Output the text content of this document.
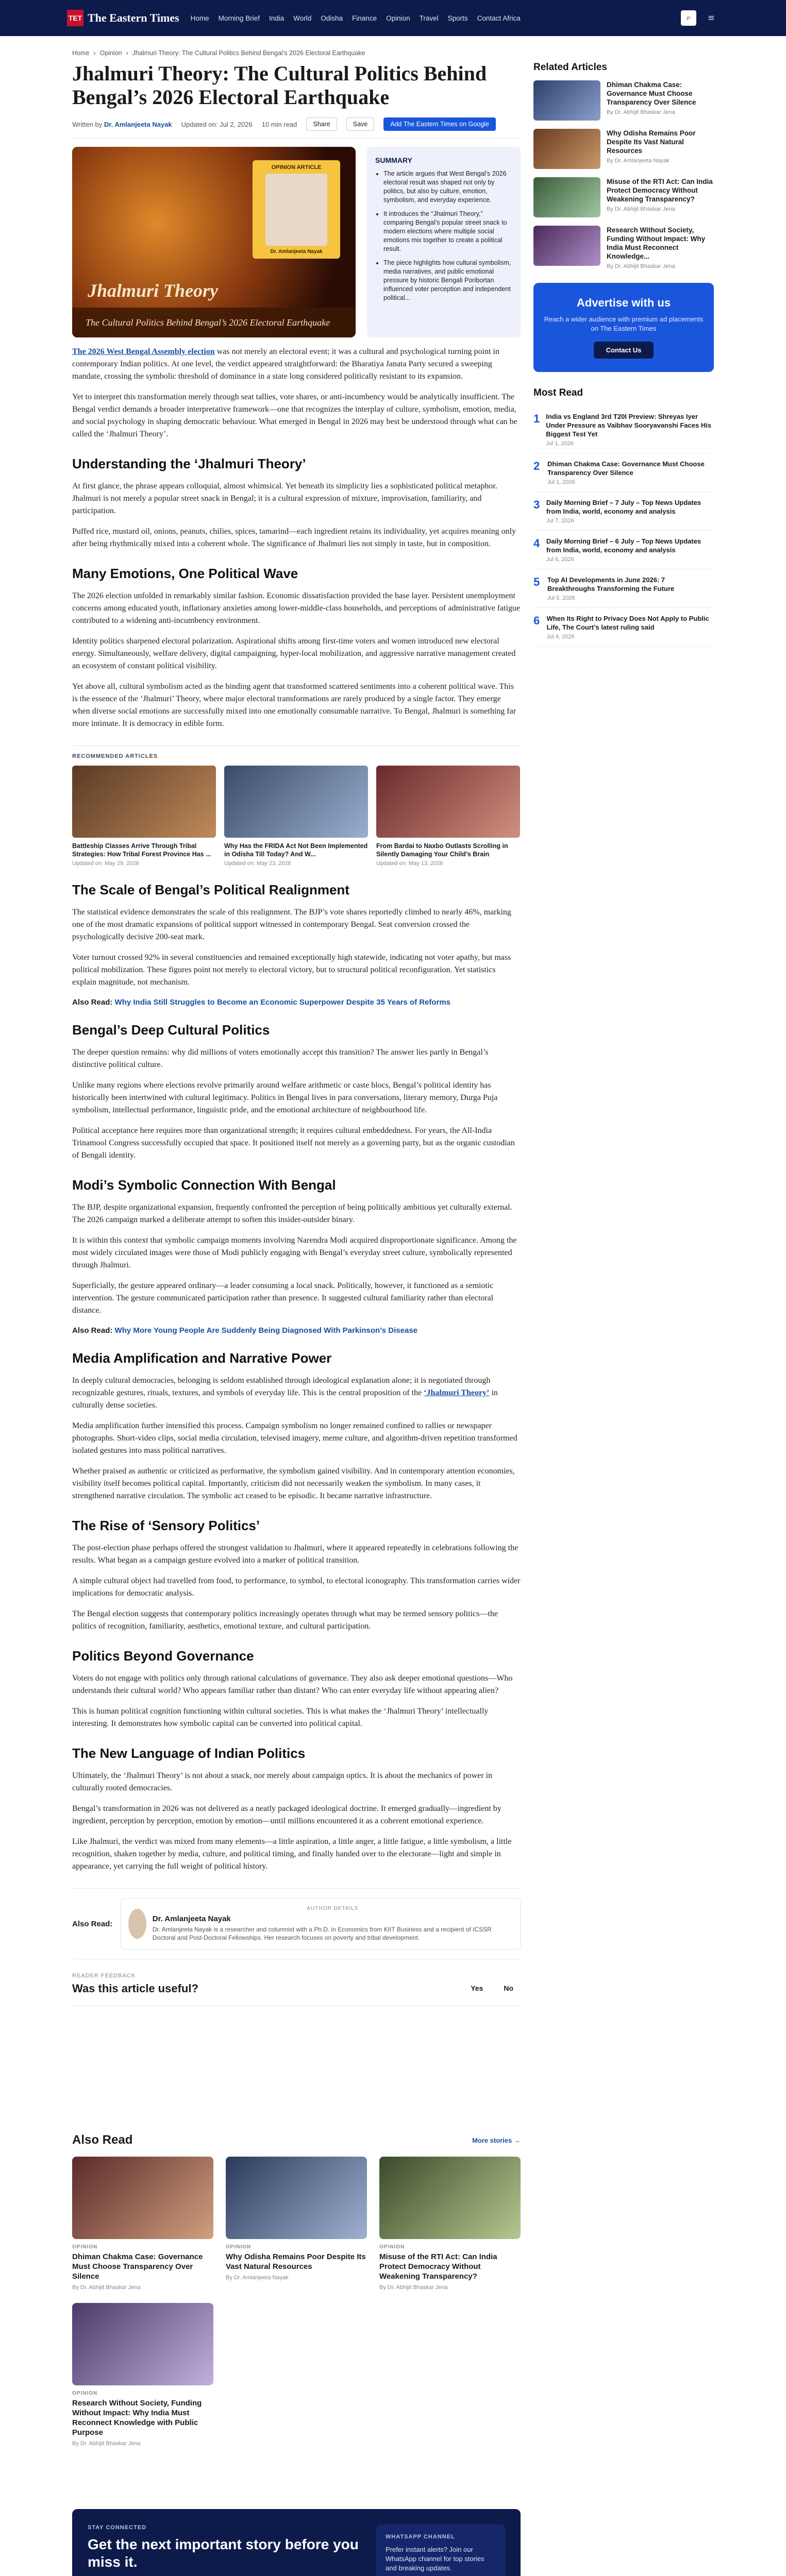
TET The Eastern Times Home Morning Brief India World Odisha Finance Opinion Travel Sports Contact Africa	⌕	≡
Home › Opinion › Jhalmuri Theory: The Cultural Politics Behind Bengal’s 2026 Electoral Earthquake
Jhalmuri Theory: The Cultural Politics Behind Bengal’s 2026 Electoral Earthquake
Written by Dr. Amlanjeeta Nayak Updated on: Jul 2, 2026 10 min read	Share	Save	Add The Eastern Times on Google
OPINION ARTICLE
Dr. Amlanjeeta Nayak
Jhalmuri Theory
The Cultural Politics Behind Bengal’s 2026 Electoral Earthquake
SUMMARY
• The article argues that West Bengal’s 2026 electoral result was shaped not only by politics, but also by culture, emotion, symbolism, and everyday experience.
• It introduces the “Jhalmuri Theory,” comparing Bengal’s popular street snack to modern elections where multiple social emotions mix together to create a political result.
• The piece highlights how cultural symbolism, media narratives, and public emotional pressure by historic Bengali Poribortan influenced voter perception and independent political...

The 2026 West Bengal Assembly election was not merely an electoral event; it was a cultural and psychological turning point in contemporary Indian politics. At one level, the verdict appeared straightforward: the Bharatiya Janata Party secured a sweeping mandate, crossing the symbolic threshold of dominance in a state long considered politically resistant to its expansion.

Yet to interpret this transformation merely through seat tallies, vote shares, or anti-incumbency would be analytically insufficient. The Bengal verdict demands a broader interpretative framework—one that recognizes the interplay of culture, symbolism, emotion, media, and social psychology in shaping democratic behaviour. What emerged in Bengal in 2026 may best be understood through what can be called the ‘Jhalmuri Theory’.

Understanding the ‘Jhalmuri Theory’

At first glance, the phrase appears colloquial, almost whimsical. Yet beneath its simplicity lies a sophisticated political metaphor. Jhalmuri is not merely a popular street snack in Bengal; it is a cultural expression of mixture, improvisation, familiarity, and participation.

Puffed rice, mustard oil, onions, peanuts, chilies, spices, tamarind—each ingredient retains its individuality, yet acquires meaning only after being rhythmically mixed into a coherent whole. The significance of Jhalmuri lies not simply in taste, but in composition.

Many Emotions, One Political Wave

The 2026 election unfolded in remarkably similar fashion. Economic dissatisfaction provided the base layer. Persistent unemployment concerns among educated youth, inflationary anxieties among lower-middle-class households, and perceptions of administrative fatigue contributed to a widening anti-incumbency environment.

Identity politics sharpened electoral polarization. Aspirational shifts among first-time voters and women introduced new electoral energy. Simultaneously, welfare delivery, digital campaigning, hyper-local mobilization, and aggressive narrative management created an ecosystem of constant political visibility.

Yet above all, cultural symbolism acted as the binding agent that transformed scattered sentiments into a coherent political wave. This is the essence of the ‘Jhalmuri’ Theory, where major electoral transformations are rarely produced by a single factor. They emerge when diverse social emotions are successfully mixed into one emotionally consumable narrative. To Bengal, Jhalmuri is something far more intimate. It is democracy in edible form.

RECOMMENDED ARTICLES
Battleship Classes Arrive Through Tribal Strategies: How Tribal Forest Province Has ...
Updated on: May 29, 2026
Why Has the FRIDA Act Not Been Implemented in Odisha Till Today? And W...
Updated on: May 23, 2026
From Bardai to Naxbo Outlasts Scrolling in Silently Damaging Your Child’s Brain
Updated on: May 13, 2026
The Scale of Bengal’s Political Realignment

The statistical evidence demonstrates the scale of this realignment. The BJP’s vote shares reportedly climbed to nearly 46%, marking one of the most dramatic expansions of political support witnessed in contemporary Bengal. Seat conversion crossed the psychologically decisive 200-seat mark.

Voter turnout crossed 92% in several constituencies and remained exceptionally high statewide, indicating not voter apathy, but mass political mobilization. These figures point not merely to electoral victory, but to structural political reconfiguration. Yet statistics explain magnitude, not mechanism.

Also Read: Why India Still Struggles to Become an Economic Superpower Despite 35 Years of Reforms
Bengal’s Deep Cultural Politics

The deeper question remains: why did millions of voters emotionally accept this transition? The answer lies partly in Bengal’s distinctive political culture.

Unlike many regions where elections revolve primarily around welfare arithmetic or caste blocs, Bengal’s political identity has historically been intertwined with cultural legitimacy. Politics in Bengal lives in para conversations, literary memory, Durga Puja symbolism, intellectual performance, linguistic pride, and the emotional architecture of neighbourhood life.

Political acceptance here requires more than organizational strength; it requires cultural embeddedness. For years, the All-India Trinamool Congress successfully occupied that space. It positioned itself not merely as a governing party, but as the organic custodian of Bengali identity.

Modi’s Symbolic Connection With Bengal

The BJP, despite organizational expansion, frequently confronted the perception of being politically ambitious yet culturally external. The 2026 campaign marked a deliberate attempt to soften this insider-outsider binary.

It is within this context that symbolic campaign moments involving Narendra Modi acquired disproportionate significance. Among the most widely circulated images were those of Modi publicly engaging with Bengal’s everyday street culture, symbolically represented through Jhalmuri.

Superficially, the gesture appeared ordinary—a leader consuming a local snack. Politically, however, it functioned as a semiotic intervention. The gesture communicated participation rather than presence. It suggested cultural familiarity rather than electoral distance.

Also Read: Why More Young People Are Suddenly Being Diagnosed With Parkinson’s Disease
Media Amplification and Narrative Power

In deeply cultural democracies, belonging is seldom established through ideological explanation alone; it is negotiated through recognizable gestures, rituals, textures, and symbols of everyday life. This is the central proposition of the ‘Jhalmuri Theory’ in culturally dense societies.

Media amplification further intensified this process. Campaign symbolism no longer remained confined to rallies or newspaper photographs. Short-video clips, social media circulation, televised imagery, meme culture, and algorithm-driven repetition transformed isolated gestures into mass political narratives.

Whether praised as authentic or criticized as performative, the symbolism gained visibility. And in contemporary attention economies, visibility itself becomes political capital. Importantly, criticism did not necessarily weaken the symbolism. In many cases, it strengthened narrative circulation. The symbolic act ceased to be episodic. It became narrative infrastructure.

The Rise of ‘Sensory Politics’

The post-election phase perhaps offered the strongest validation to Jhalmuri, where it appeared repeatedly in celebrations following the results. What began as a campaign gesture evolved into a marker of political transition.

A simple cultural object had travelled from food, to performance, to symbol, to electoral iconography. This transformation carries wider implications for democratic analysis.

The Bengal election suggests that contemporary politics increasingly operates through what may be termed sensory politics—the politics of recognition, familiarity, aesthetics, emotional texture, and cultural participation.

Politics Beyond Governance

Voters do not engage with politics only through rational calculations of governance. They also ask deeper emotional questions—Who understands their cultural world? Who appears familiar rather than distant? Who can enter everyday life without appearing alien?

This is human political cognition functioning within cultural societies. This is what makes the ‘Jhalmuri Theory’ intellectually interesting. It demonstrates how symbolic capital can be converted into political capital.

The New Language of Indian Politics

Ultimately, the ‘Jhalmuri Theory’ is not about a snack, nor merely about campaign optics. It is about the mechanics of power in culturally rooted democracies.

Bengal’s transformation in 2026 was not delivered as a neatly packaged ideological doctrine. It emerged gradually—ingredient by ingredient, perception by perception, emotion by emotion—until millions encountered it as a coherent emotional experience.

Like Jhalmuri, the verdict was mixed from many elements—a little aspiration, a little anger, a little fatigue, a little symbolism, a little recognition, shaken together by media, culture, and political timing, and finally handed over to the electorate—light and simple in appearance, yet carrying the full weight of political history.

Also Read:
AUTHOR DETAILS
Dr. Amlanjeeta Nayak
Dr. Amlanjeeta Nayak is a researcher and columnist with a Ph.D. in Economics from KIIT Business and a recipient of ICSSR Doctoral and Post-Doctoral Fellowships. Her research focuses on poverty and tribal development.
READER FEEDBACK
Was this article useful?	Yes	No
Related Articles
Dhiman Chakma Case: Governance Must Choose Transparency Over Silence
By Dr. Abhijit Bhaskar Jena
Why Odisha Remains Poor Despite Its Vast Natural Resources
By Dr. Amlanjeeta Nayak
Misuse of the RTI Act: Can India Protect Democracy Without Weakening Transparency?
By Dr. Abhijit Bhaskar Jena
Research Without Society, Funding Without Impact: Why India Must Reconnect Knowledge...
By Dr. Abhijit Bhaskar Jena
Advertise with us
Reach a wider audience with premium ad placements on The Eastern Times
Contact Us
Most Read
1 India vs England 3rd T20I Preview: Shreyas Iyer Under Pressure as Vaibhav Sooryavanshi Faces His Biggest Test Yet
Jul 1, 2026
2 Dhiman Chakma Case: Governance Must Choose Transparency Over Silence
Jul 1, 2026
3 Daily Morning Brief – 7 July – Top News Updates from India, world, economy and analysis
Jul 7, 2026
4 Daily Morning Brief – 6 July – Top News Updates from India, world, economy and analysis
Jul 6, 2026
5 Top AI Developments in June 2026: 7 Breakthroughs Transforming the Future
Jul 5, 2026
6 When Its Right to Privacy Does Not Apply to Public Life, The Court’s latest ruling said
Jul 4, 2026
Also Read	More stories →
OPINION
Dhiman Chakma Case: Governance Must Choose Transparency Over Silence
By Dr. Abhijit Bhaskar Jena
OPINION
Why Odisha Remains Poor Despite Its Vast Natural Resources
By Dr. Amlanjeeta Nayak
OPINION
Misuse of the RTI Act: Can India Protect Democracy Without Weakening Transparency?
By Dr. Abhijit Bhaskar Jena
OPINION
Research Without Society, Funding Without Impact: Why India Must Reconnect Knowledge with Public Purpose
By Dr. Abhijit Bhaskar Jena
STAY CONNECTED
Get the next important story before you miss it.
WHATSAPP CHANNEL
Prefer instant alerts? Join our WhatsApp channel for top stories and breaking updates.
